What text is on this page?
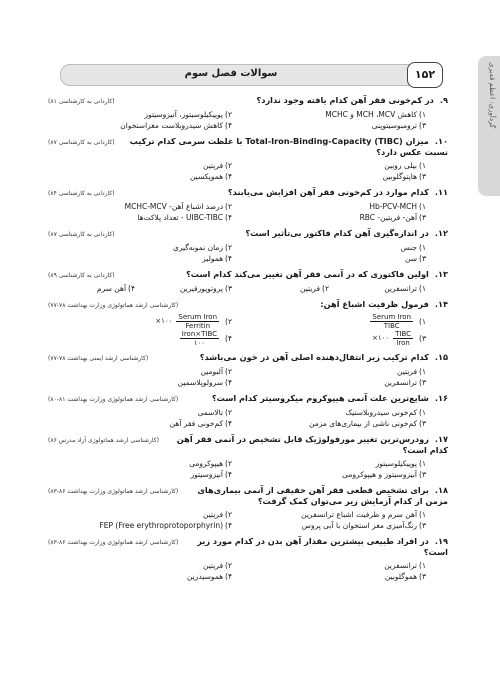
گردآوری: اعظم قدیری
سوالات فصل سوم	۱۵۲
۹.در کم‌خونی فقر آهن کدام یافته وجود ندارد؟
(کاردانی به کارشناسی ۸۱)
۱)کاهش MCH ،MCV و MCHC
۲)پوییکیلوسیتوز، آنیزوسیتوز
۳)ترومبوسیتوپنی
۴)کاهش سیدروبلاست مغزاستخوان
۱۰.میزان Total-Iron-Binding-Capacity (TIBC) با غلظت سرمی کدام ترکیب نسبت عکس دارد؟
(کاردانی به کارشناسی ۸۷)
۱)بیلی روبین
۲)فریتین
۳)هاپتوگلوبین
۴)هموپکسین
۱۱.کدام موارد در کم‌خونی فقر آهن افزایش می‌یابند؟
(کاردانی به کارشناسی ۸۴)
۱)Hb-PCV-MCH
۲)درصد اشباع آهن- MCHC-MCV
۳)آهن- فریتین- RBC
۴)UIBC-TIBC - تعداد پلاکت‌ها
۱۲.در اندازه‌گیری آهن کدام فاکتور بی‌تأثیر است؟
(کاردانی به کارشناسی ۸۷)
۱)جنس
۲)زمان نمونه‌گیری
۳)سن
۴)همولیز
۱۳.اولین فاکتوری که در آنمی فقر آهن تغییر می‌کند کدام است؟
(کاردانی به کارشناسی ۸۹)
۱)ترانسفرین
۲)فریتین
۳)پروتوپورفیرین
۴)آهن سرم
۱۴.فرمول ظرفیت اشباع آهن:
(کارشناسی ارشد هماتولوژی وزارت بهداشت ۷۸-۷۷)
۱)
$\frac{\text{Serum Iron}}{\text{TIBC}}$
۲)
$\frac{\text{Serum Iron}}{\text{Ferritin}}$
×۱۰۰
۳)
$\frac{\text{TIBC}}{\text{Iron}}$
×۱۰۰
۴)
$\frac{\text{Iron×TIBC}}{۱۰۰}$
۱۵.کدام ترکیب زیر انتقال‌دهنده اصلی آهن در خون می‌باشد؟
(کارشناسی ارشد ایمنی بهداشت ۷۸-۷۷)
۱)فریتین
۲)آلبومین
۳)ترانسفرین
۴)سرولوپلاسمین
۱۶.شایع‌ترین علت آنمی هیپوکروم میکروسیتر کدام است؟
(کارشناسی ارشد هماتولوژی وزارت بهداشت ۸۱-۸۰)
۱)کم‌خونی سیدروبلاستیک
۲)تالاسمی
۳)کم‌خونی ناشی از بیماری‌های مزمن
۴)کم‌خونی فقر آهن
۱۷.زودرس‌ترین تغییر مورفولوژیک قابل تشخیص در آنمی فقر آهن کدام است؟
(کارشناسی ارشد هماتولوژی آزاد مدرس ۸۶)
۱)پوییکیلوسیتوز
۲)هیپوکرومی
۳)آنیزوسیتوز و هیپوکرومی
۴)آنیزوسیتوز
۱۸.برای تشخیص قطعی فقر آهن حقیقی از آنمی بیماری‌های مزمن از کدام آزمایش زیر می‌توان کمک گرفت؟
(کارشناسی ارشد هماتولوژی وزارت بهداشت ۸۶-۸۳)
۱)آهن سرم و ظرفیت اشباع ترانسفرین
۲)فریتین
۳)رنگ‌آمیزی مغز استخوان با آبی پروس
۴)(Free erythroprotoporphyrin) FEP
۱۹.در افراد طبیعی بیشترین مقدار آهن بدن در کدام مورد زیر است؟
(کارشناسی ارشد هماتولوژی وزارت بهداشت ۸۶-۸۳)
۱)ترانسفرین
۲)فریتین
۳)هموگلوبین
۴)هموسیدرین
